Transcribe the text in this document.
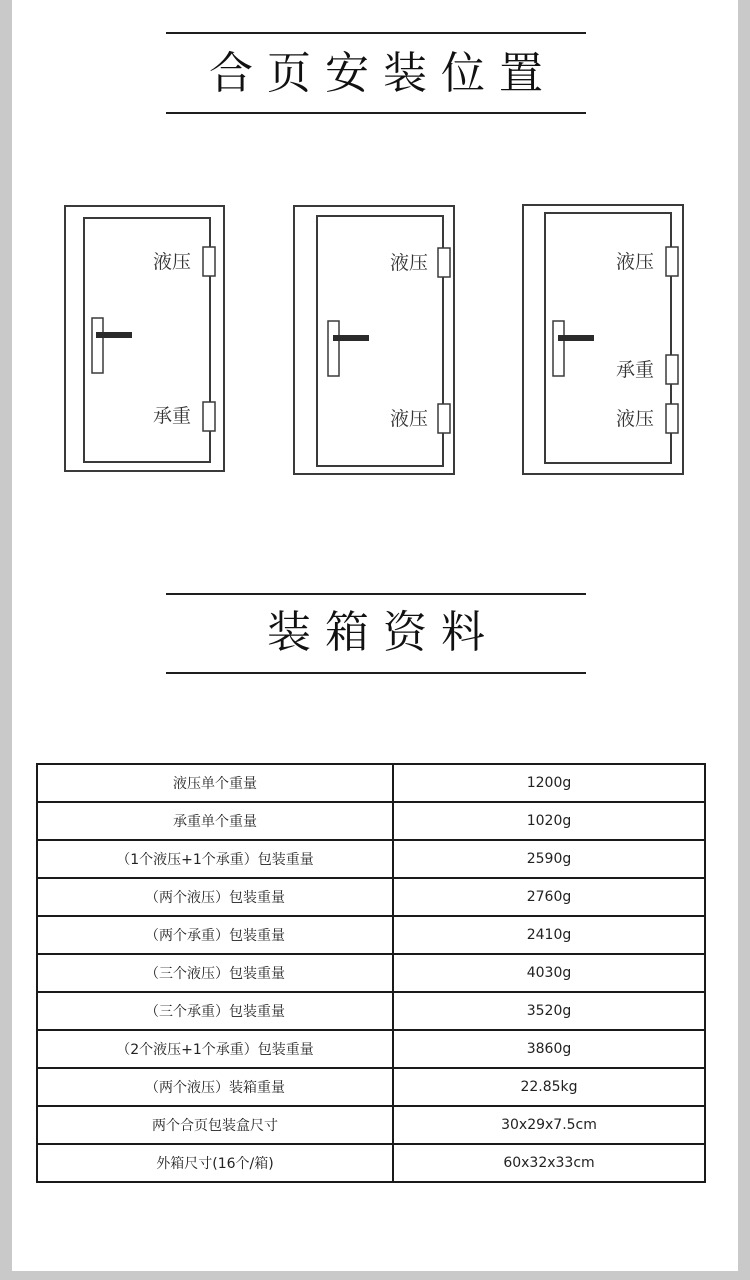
合页安装位置
液压
承重
液压
液压
液压
承重
液压
装箱资料
液压单个重量	1200g
承重单个重量	1020g
（1个液压+1个承重）包装重量	2590g
（两个液压）包装重量	2760g
（两个承重）包装重量	2410g
（三个液压）包装重量	4030g
（三个承重）包装重量	3520g
（2个液压+1个承重）包装重量	3860g
（两个液压）装箱重量	22.85kg
两个合页包装盒尺寸	30x29x7.5cm
外箱尺寸(16个/箱)	60x32x33cm
